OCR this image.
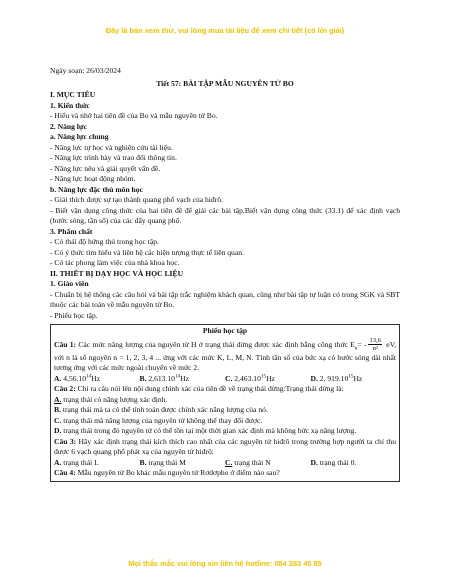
Đây là bản xem thử, vui lòng mua tài liệu để xem chi tiết (có lời giải)

Ngày soạn: 26/03/2024

Tiết 57: BÀI TẬP MẪU NGUYÊN TỬ BO

I. MỤC TIÊU

1. Kiến thức

- Hiểu và nhớ hai tiên đề của Bo và mẫu nguyên tử Bo.

2. Năng lực

a. Năng lực chung

- Năng lực tự học và nghiên cứu tài liệu.

- Năng lực trình bày và trao đổi thông tin.

- Năng lực nêu và giải quyết vấn đề.

- Năng lực hoạt động nhóm.

b. Năng lực đặc thù môn học

- Giải thích được sự tạo thành quang phổ vạch của hiđrô.

- Biết vận dụng công thức của hai tiên đề để giải các bài tập.Biết vận dụng công thức (33.1) để xác định vạch (bước sóng, tần số) của các dãy quang phổ.

3. Phẩm chất

- Có thái độ hứng thú trong học tập.

- Có ý thức tìm hiểu và liên hệ các hiện tượng thực tế liên quan.

- Có tác phong làm việc của nhà khoa học.

II. THIẾT BỊ DẠY HỌC VÀ HỌC LIỆU

1. Giáo viên

- Chuẩn bị hệ thống các câu hỏi và bài tập trắc nghiệm khách quan, cũng như bài tập tự luận có trong SGK và SBT thuộc các bài toán về mẫu nguyên tử Bo.

- Phiếu học tập.

Phiếu học tập

Câu 1: Các mức năng lượng của nguyên tử H ở trạng thái dừng được xác định bằng công thức $E_n= - \frac{13,6}{\text{n²}}$ eV, với n là số nguyên n = 1, 2, 3, 4 ... ứng với các mức K, L, M, N. Tính tần số của bức xạ có bước sóng dài nhất tương ứng với các mức ngoài chuyển về mức 2.

A. 4,56.10$^{14}$Hz	B. 2,613.10$^{14}$Hz	C. 2,463.10$^{15}$Hz	D. 2, 919.10$^{15}$Hz

Câu 2: Chỉ ra câu nói lên nội dung chính xác của tiên đề về trạng thái dừng:Trạng thái dừng là:

A. trạng thái có năng lượng xác định.

B. trạng thái mà ta có thể tính toán được chính xác năng lượng của nó.

C. trạng thái mà năng lượng của nguyên tử không thể thay đổi được.

D. trạng thái trong đó nguyên tử có thể tồn tại một thời gian xác định mà không bức xạ năng lượng.

Câu 3: Hãy xác định trạng thái kích thích cao nhất của các nguyên tử hiđrô trong trường hợp người ta chỉ thu được 6 vạch quang phổ phát xạ của nguyên tử hiđrô:

A. trạng thái L	B. trạng thái M	C. trạng thái N	D. trạng thái 0.

Câu 4: Mẫu nguyên tử Bo khác mẫu nguyên tử Rơdơpho ở điểm nào sau?

Mọi thắc mắc vui lòng xin liên hệ hotline: 084 283 45 85
